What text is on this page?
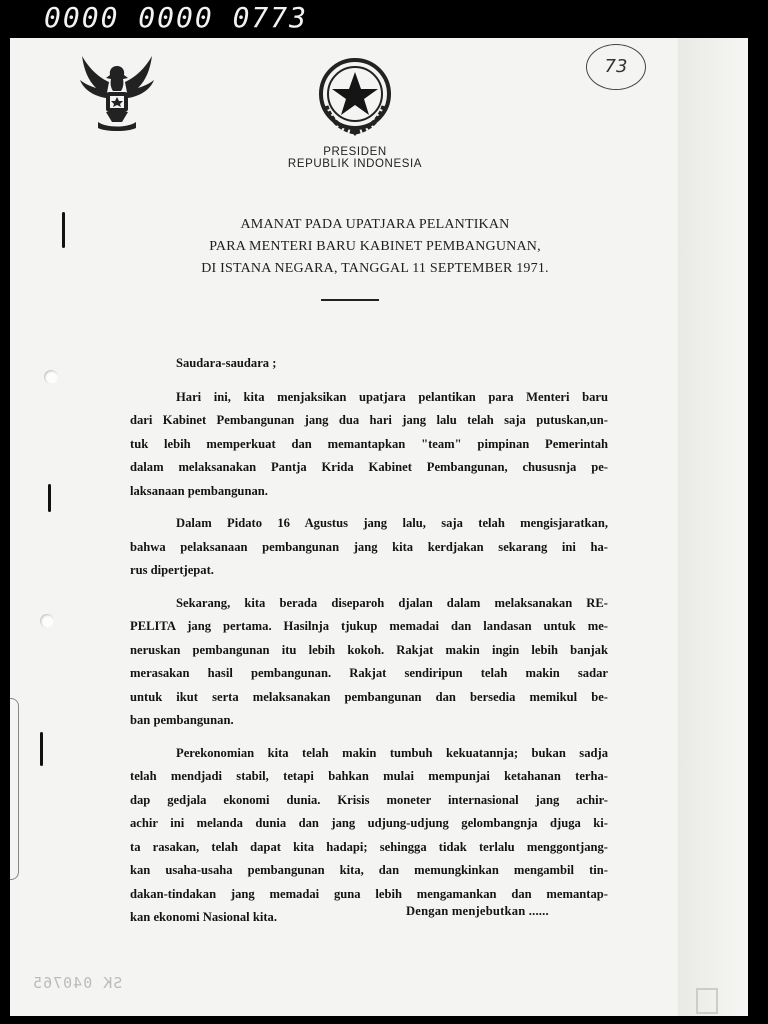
0000 0000 0773
73
PRESIDEN
REPUBLIK INDONESIA
AMANAT PADA UPATJARA PELANTIKAN
PARA MENTERI BARU KABINET PEMBANGUNAN,
DI ISTANA NEGARA, TANGGAL 11 SEPTEMBER 1971.
Saudara-saudara ;
Hari ini, kita menjaksikan upatjara pelantikan para Menteri baru
dari Kabinet Pembangunan jang dua hari jang lalu telah saja putuskan,un-
tuk lebih memperkuat dan memantapkan "team" pimpinan Pemerintah
dalam melaksanakan Pantja Krida Kabinet Pembangunan, chususnja pe-
laksanaan pembangunan.
Dalam Pidato 16 Agustus jang lalu, saja telah mengisjaratkan,
bahwa pelaksanaan pembangunan jang kita kerdjakan sekarang ini ha-
rus dipertjepat.
Sekarang, kita berada diseparoh djalan dalam melaksanakan RE-
PELITA jang pertama. Hasilnja tjukup memadai dan landasan untuk me-
neruskan pembangunan itu lebih kokoh. Rakjat makin ingin lebih banjak
merasakan hasil pembangunan. Rakjat sendiripun telah makin sadar
untuk ikut serta melaksanakan pembangunan dan bersedia memikul be-
ban pembangunan.
Perekonomian kita telah makin tumbuh kekuatannja; bukan sadja
telah mendjadi stabil, tetapi bahkan mulai mempunjai ketahanan terha-
dap gedjala ekonomi dunia. Krisis moneter internasional jang achir-
achir ini melanda dunia dan jang udjung-udjung gelombangnja djuga ki-
ta rasakan, telah dapat kita hadapi; sehingga tidak terlalu menggontjang-
kan usaha-usaha pembangunan kita, dan memungkinkan mengambil tin-
dakan-tindakan jang memadai guna lebih mengamankan dan memantap-
kan ekonomi Nasional kita.	Dengan menjebutkan ......
SK 040765
